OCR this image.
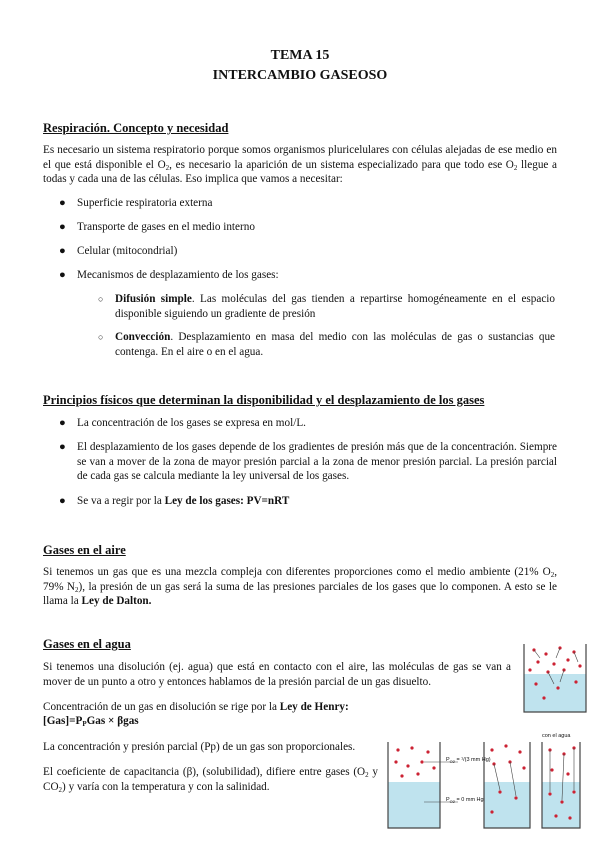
TEMA 15
INTERCAMBIO GASEOSO
Respiración. Concepto y necesidad
Es necesario un sistema respiratorio porque somos organismos pluricelulares con células alejadas de ese medio en el que está disponible el $O_2$, es necesario la aparición de un sistema especializado para que todo ese $O_2$ llegue a todas y cada una de las células. Eso implica que vamos a necesitar:
● Superficie respiratoria externa
● Transporte de gases en el medio interno
● Celular (mitocondrial)
● Mecanismos de desplazamiento de los gases:
○ Difusión simple. Las moléculas del gas tienden a repartirse homogéneamente en el espacio disponible siguiendo un gradiente de presión
○ Convección. Desplazamiento en masa del medio con las moléculas de gas o sustancias que contenga. En el aire o en el agua.
Principios físicos que determinan la disponibilidad y el desplazamiento de los gases
● La concentración de los gases se expresa en mol/L.
● El desplazamiento de los gases depende de los gradientes de presión más que de la concentración. Siempre se van a mover de la zona de mayor presión parcial a la zona de menor presión parcial. La presión parcial de cada gas se calcula mediante la ley universal de los gases.
● Se va a regir por la Ley de los gases: PV=nRT
Gases en el aire
Si tenemos un gas que es una mezcla compleja con diferentes proporciones como el medio ambiente (21% $O_2$, 79% $N_2$), la presión de un gas será la suma de las presiones parciales de los gases que lo componen. A esto se le llama la Ley de Dalton.
Gases en el agua
Si tenemos una disolución (ej. agua) que está en contacto con el aire, las moléculas de gas se van a mover de un punto a otro y entonces hablamos de la presión parcial de un gas disuelto.
Concentración de un gas en disolución se rige por la Ley de Henry:
$[Gas]=P_PGas \times \beta gas$
La concentración y presión parcial (Pp) de un gas son proporcionales.
El coeficiente de capacitancia (β), (solubilidad), difiere entre gases ($O_2$ y $CO_2$) y varía con la temperatura y con la salinidad.
$P_{O2} = ^1/(3$ mm Hg)
$P_{O2} = 0$ mm Hg
con el agua
